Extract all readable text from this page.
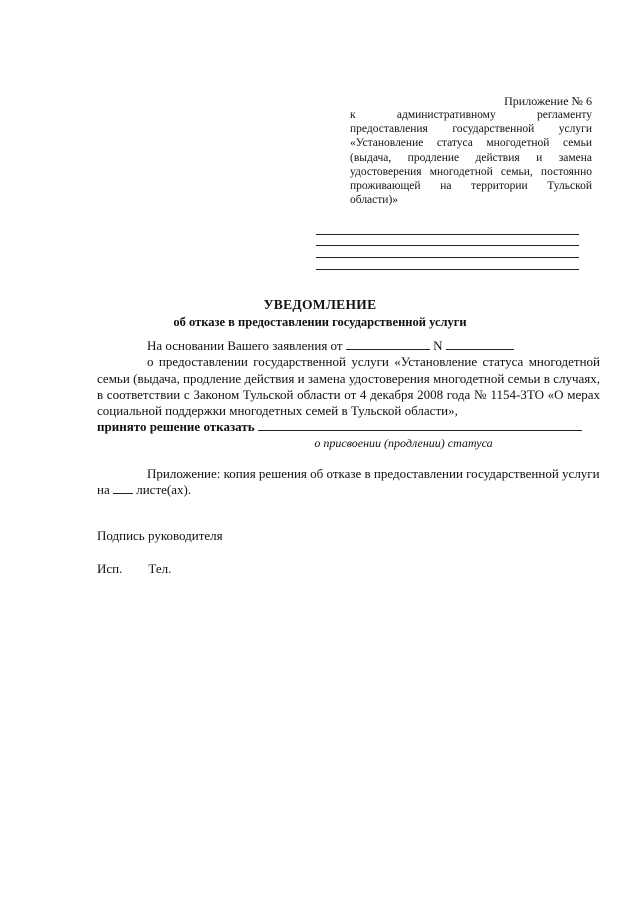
Приложение № 6
к административному регламенту предоставления государственной услуги «Установление статуса многодетной семьи (выдача, продление действия и замена удостоверения многодетной семьи, постоянно проживающей на территории Тульской области)»
УВЕДОМЛЕНИЕ
об отказе в предоставлении государственной услуги

На основании Вашего заявления от	N

о предоставлении государственной услуги «Установление статуса многодетной семьи (выдача, продление действия и замена удостоверения многодетной семьи в случаях, в соответствии с Законом Тульской области от 4 декабря 2008 года № 1154-ЗТО «О мерах социальной поддержки многодетных семей в Тульской области»,

принято решение отказать

о присвоении (продлении) статуса

Приложение: копия решения об отказе в предоставлении государственной услуги

на листе(ах).

Подпись руководителя

Исп. Тел.
